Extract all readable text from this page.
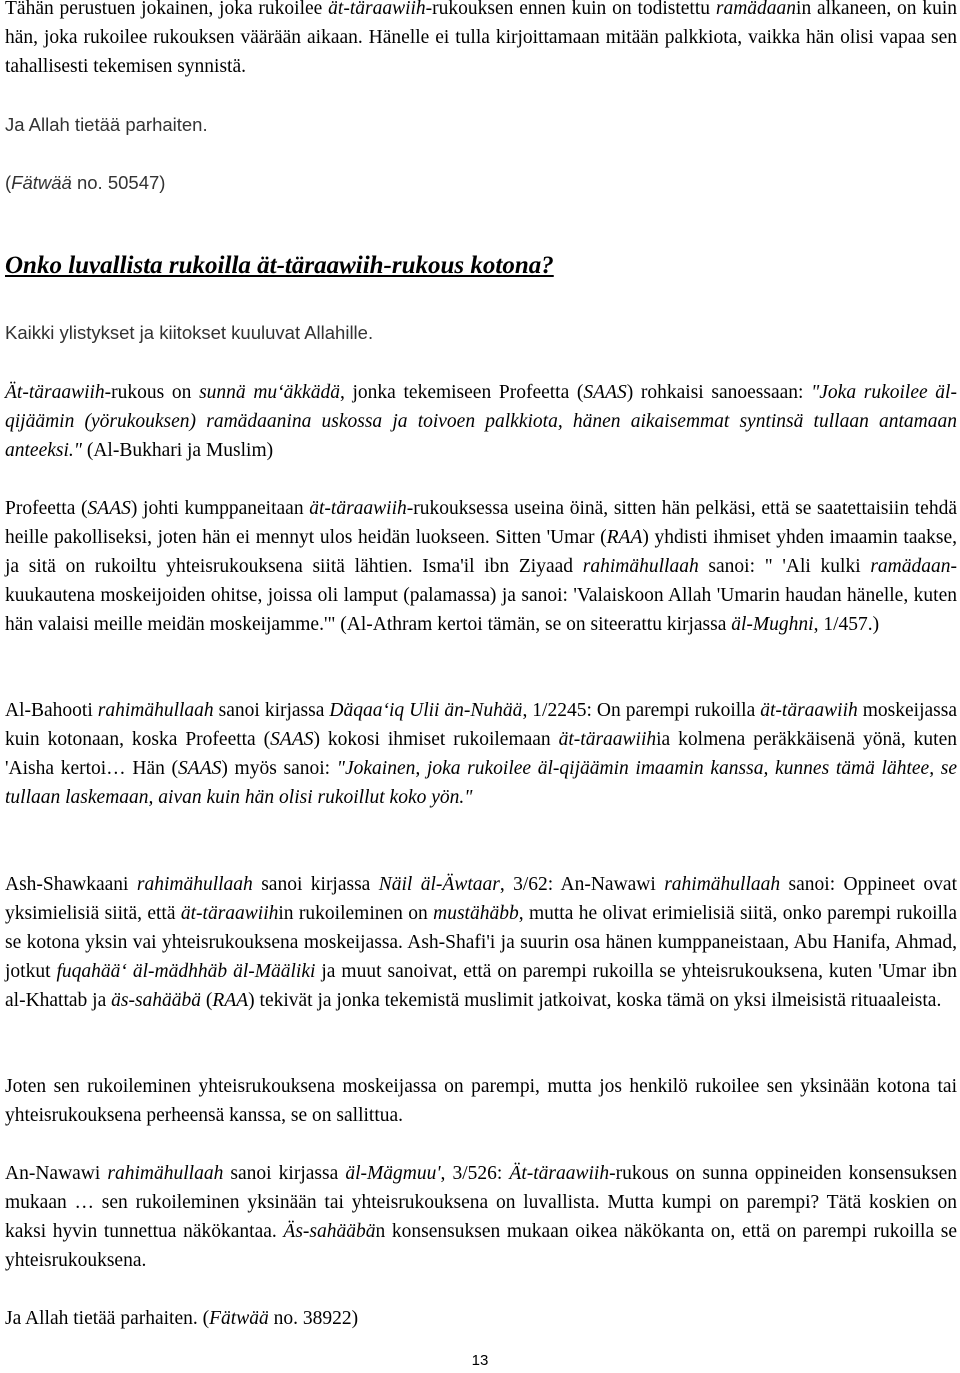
Tähän perustuen jokainen, joka rukoilee ät-täraawiih-rukouksen ennen kuin on todistettu ramädaanin alkaneen, on kuin hän, joka rukoilee rukouksen väärään aikaan. Hänelle ei tulla kirjoittamaan mitään palkkiota, vaikka hän olisi vapaa sen tahallisesti tekemisen synnistä.

Ja Allah tietää parhaiten.

(Fätwää no. 50547)

Onko luvallista rukoilla ät-täraawiih-rukous kotona?

Kaikki ylistykset ja kiitokset kuuluvat Allahille.

Ät-täraawiih-rukous on sunnä mu‘äkkädä, jonka tekemiseen Profeetta (SAAS) rohkaisi sanoessaan: "Joka rukoilee äl-qijäämin (yörukouksen) ramädaanina uskossa ja toivoen palkkiota, hänen aikaisemmat syntinsä tullaan antamaan anteeksi." (Al-Bukhari ja Muslim)

Profeetta (SAAS) johti kumppaneitaan ät-täraawiih-rukouksessa useina öinä, sitten hän pelkäsi, että se saatettaisiin tehdä heille pakolliseksi, joten hän ei mennyt ulos heidän luokseen. Sitten 'Umar (RAA) yhdisti ihmiset yhden imaamin taakse, ja sitä on rukoiltu yhteisrukouksena siitä lähtien. Isma'il ibn Ziyaad rahimähullaah sanoi: " 'Ali kulki ramädaan-kuukautena moskeijoiden ohitse, joissa oli lamput (palamassa) ja sanoi: 'Valaiskoon Allah 'Umarin haudan hänelle, kuten hän valaisi meille meidän moskeijamme.'" (Al-Athram kertoi tämän, se on siteerattu kirjassa äl-Mughni, 1/457.)

Al-Bahooti rahimähullaah sanoi kirjassa Däqaa‘iq Ulii än-Nuhää, 1/2245: On parempi rukoilla ät-täraawiih moskeijassa kuin kotonaan, koska Profeetta (SAAS) kokosi ihmiset rukoilemaan ät-täraawiihia kolmena peräkkäisenä yönä, kuten 'Aisha kertoi… Hän (SAAS) myös sanoi: "Jokainen, joka rukoilee äl-qijäämin imaamin kanssa, kunnes tämä lähtee, se tullaan laskemaan, aivan kuin hän olisi rukoillut koko yön."

Ash-Shawkaani rahimähullaah sanoi kirjassa Näil äl-Äwtaar, 3/62: An-Nawawi rahimähullaah sanoi: Oppineet ovat yksimielisiä siitä, että ät-täraawiihin rukoileminen on mustähäbb, mutta he olivat erimielisiä siitä, onko parempi rukoilla se kotona yksin vai yhteisrukouksena moskeijassa. Ash-Shafi'i ja suurin osa hänen kumppaneistaan, Abu Hanifa, Ahmad, jotkut fuqahää‘ äl-mädhhäb äl-Määliki ja muut sanoivat, että on parempi rukoilla se yhteisrukouksena, kuten 'Umar ibn al-Khattab ja äs-sahääbä (RAA) tekivät ja jonka tekemistä muslimit jatkoivat, koska tämä on yksi ilmeisistä rituaaleista.

Joten sen rukoileminen yhteisrukouksena moskeijassa on parempi, mutta jos henkilö rukoilee sen yksinään kotona tai yhteisrukouksena perheensä kanssa, se on sallittua.

An-Nawawi rahimähullaah sanoi kirjassa äl-Mägmuu', 3/526: Ät-täraawiih-rukous on sunna oppineiden konsensuksen mukaan … sen rukoileminen yksinään tai yhteisrukouksena on luvallista. Mutta kumpi on parempi? Tätä koskien on kaksi hyvin tunnettua näkökantaa. Äs-sahääbän konsensuksen mukaan oikea näkökanta on, että on parempi rukoilla se yhteisrukouksena.

Ja Allah tietää parhaiten. (Fätwää no. 38922)

13
